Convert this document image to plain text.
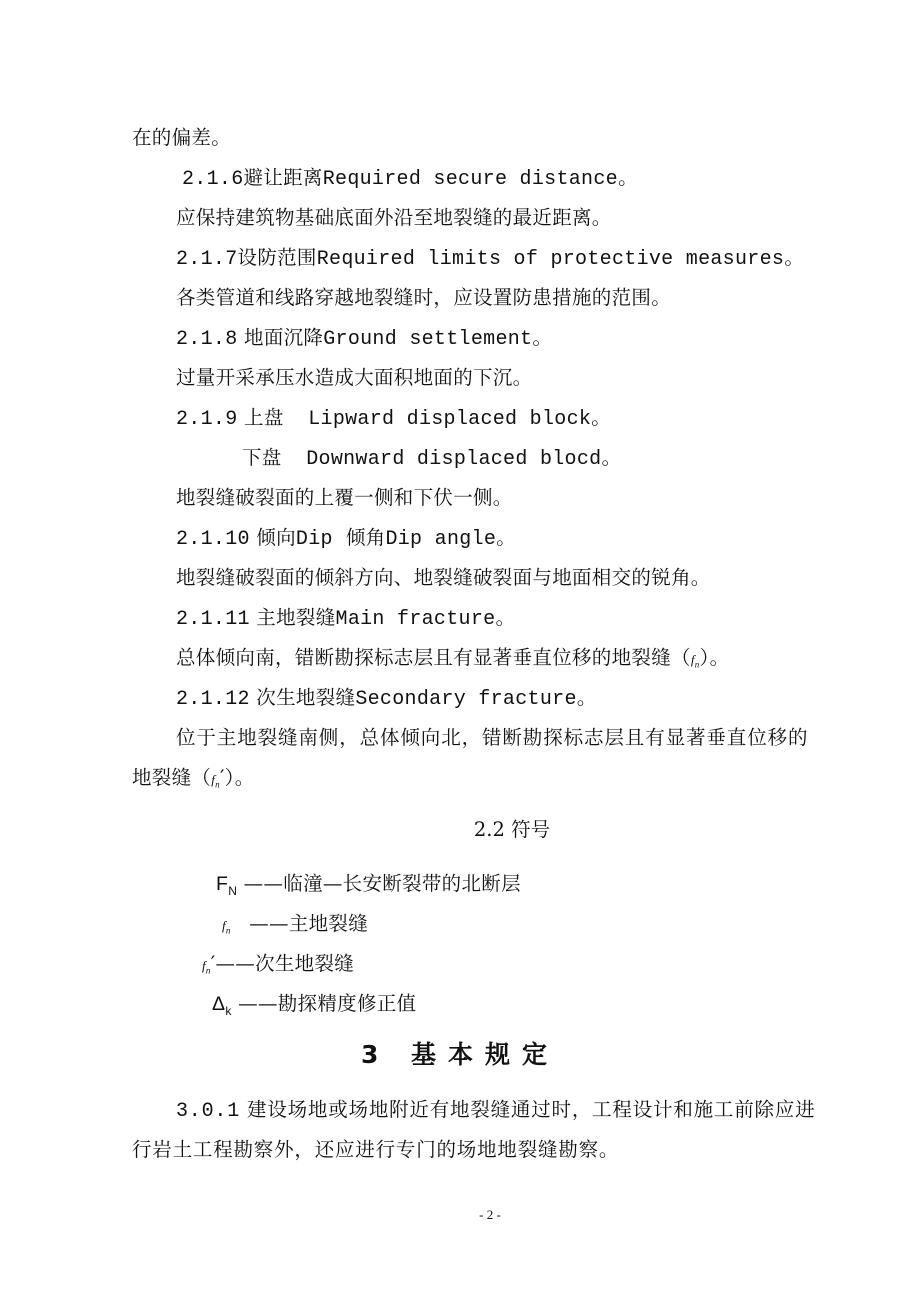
在的偏差。
2.1.6避让距离Required secure distance。
应保持建筑物基础底面外沿至地裂缝的最近距离。
2.1.7设防范围Required limits of protective measures。
各类管道和线路穿越地裂缝时，应设置防患措施的范围。
2.1.8 地面沉降Ground settlement。
过量开采承压水造成大面积地面的下沉。
2.1.9 上盘  Lipward displaced block。
下盘  Downward displaced blocd。
地裂缝破裂面的上覆一侧和下伏一侧。
2.1.10 倾向Dip  倾角Dip angle。
地裂缝破裂面的倾斜方向、地裂缝破裂面与地面相交的锐角。
2.1.11 主地裂缝Main fracture。
总体倾向南，错断勘探标志层且有显著垂直位移的地裂缝$(f_n)$。
2.1.12 次生地裂缝Secondary fracture。
位于主地裂缝南侧，总体倾向北，错断勘探标志层且有显著垂直位移的
地裂缝$(f_n')$。
2.2 符号
$F_N$ ——临潼—长安断裂带的北断层
$f_n$ ——主地裂缝
$f_n'——$次生地裂缝
$\Delta_k$ ——勘探精度修正值
3 基本规定
3.0.1 建设场地或场地附近有地裂缝通过时，工程设计和施工前除应进
行岩土工程勘察外，还应进行专门的场地地裂缝勘察。
- 2 -
